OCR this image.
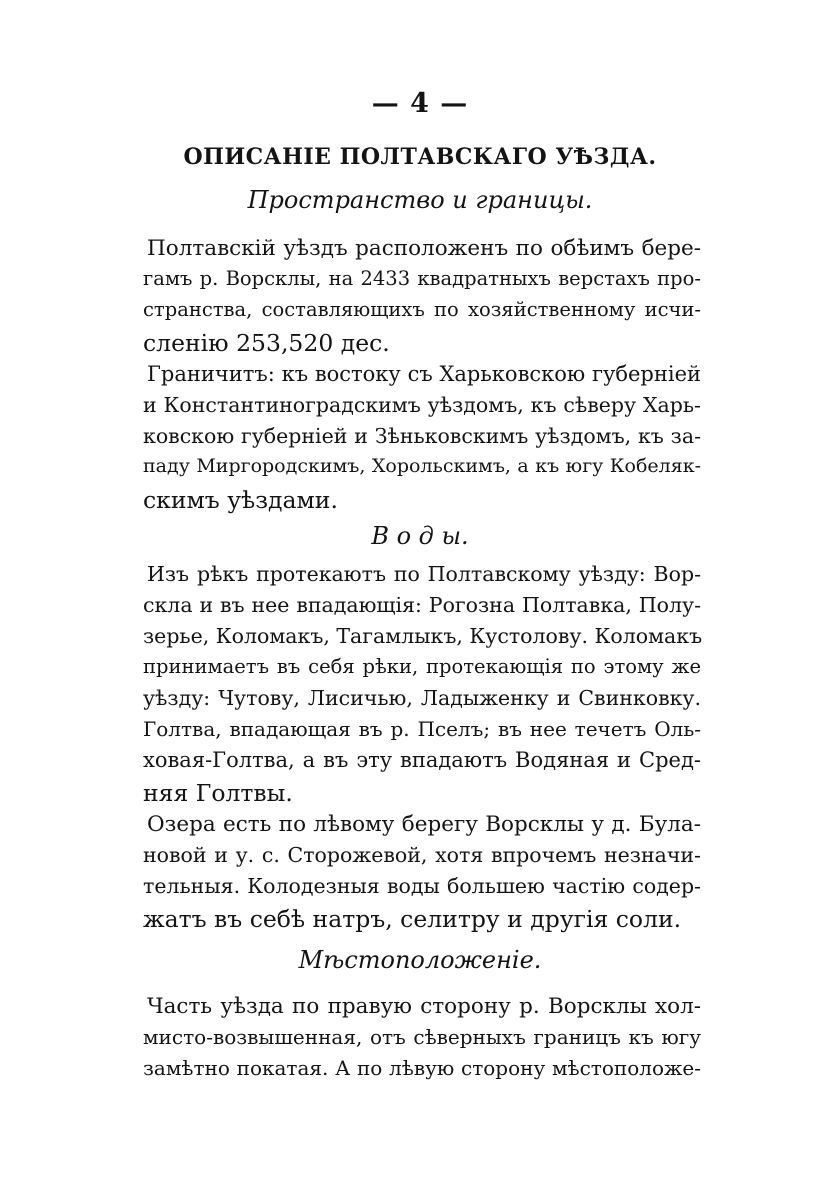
— 4 —
ОПИСАНІЕ ПОЛТАВСКАГО УѢЗДА.
Пространство и границы.
Полтавскій уѣздъ расположенъ по обѣимъ бере-
гамъ р. Ворсклы, на 2433 квадратныхъ верстахъ про-
странства, составляющихъ по хозяйственному исчи-
сленію 253,520 дес.
Граничитъ: къ востоку съ Харьковскою губерніей
и Константиноградскимъ уѣздомъ, къ сѣверу Харь-
ковскою губерніей и Зѣньковскимъ уѣздомъ, къ за-
паду Миргородскимъ, Хорольскимъ, а къ югу Кобеляк-
скимъ уѣздами.
В о д ы.
Изъ рѣкъ протекаютъ по Полтавскому уѣзду: Вор-
скла и въ нее впадающія: Рогозна Полтавка, Полу-
зерье, Коломакъ, Тагамлыкъ, Кустолову. Коломакъ
принимаетъ въ себя рѣки, протекающія по этому же
уѣзду: Чутову, Лисичью, Ладыженку и Свинковку.
Голтва, впадающая въ р. Пселъ; въ нее течетъ Оль-
ховая-Голтва, а въ эту впадаютъ Водяная и Сред-
няя Голтвы.
Озера есть по лѣвому берегу Ворсклы у д. Була-
новой и у. с. Сторожевой, хотя впрочемъ незначи-
тельныя. Колодезныя воды большею частію содер-
жатъ въ себѣ натръ, селитру и другія соли.
Мѣстоположеніе.
Часть уѣзда по правую сторону р. Ворсклы хол-
мисто-возвышенная, отъ сѣверныхъ границъ къ югу
замѣтно покатая. А по лѣвую сторону мѣстоположе-
